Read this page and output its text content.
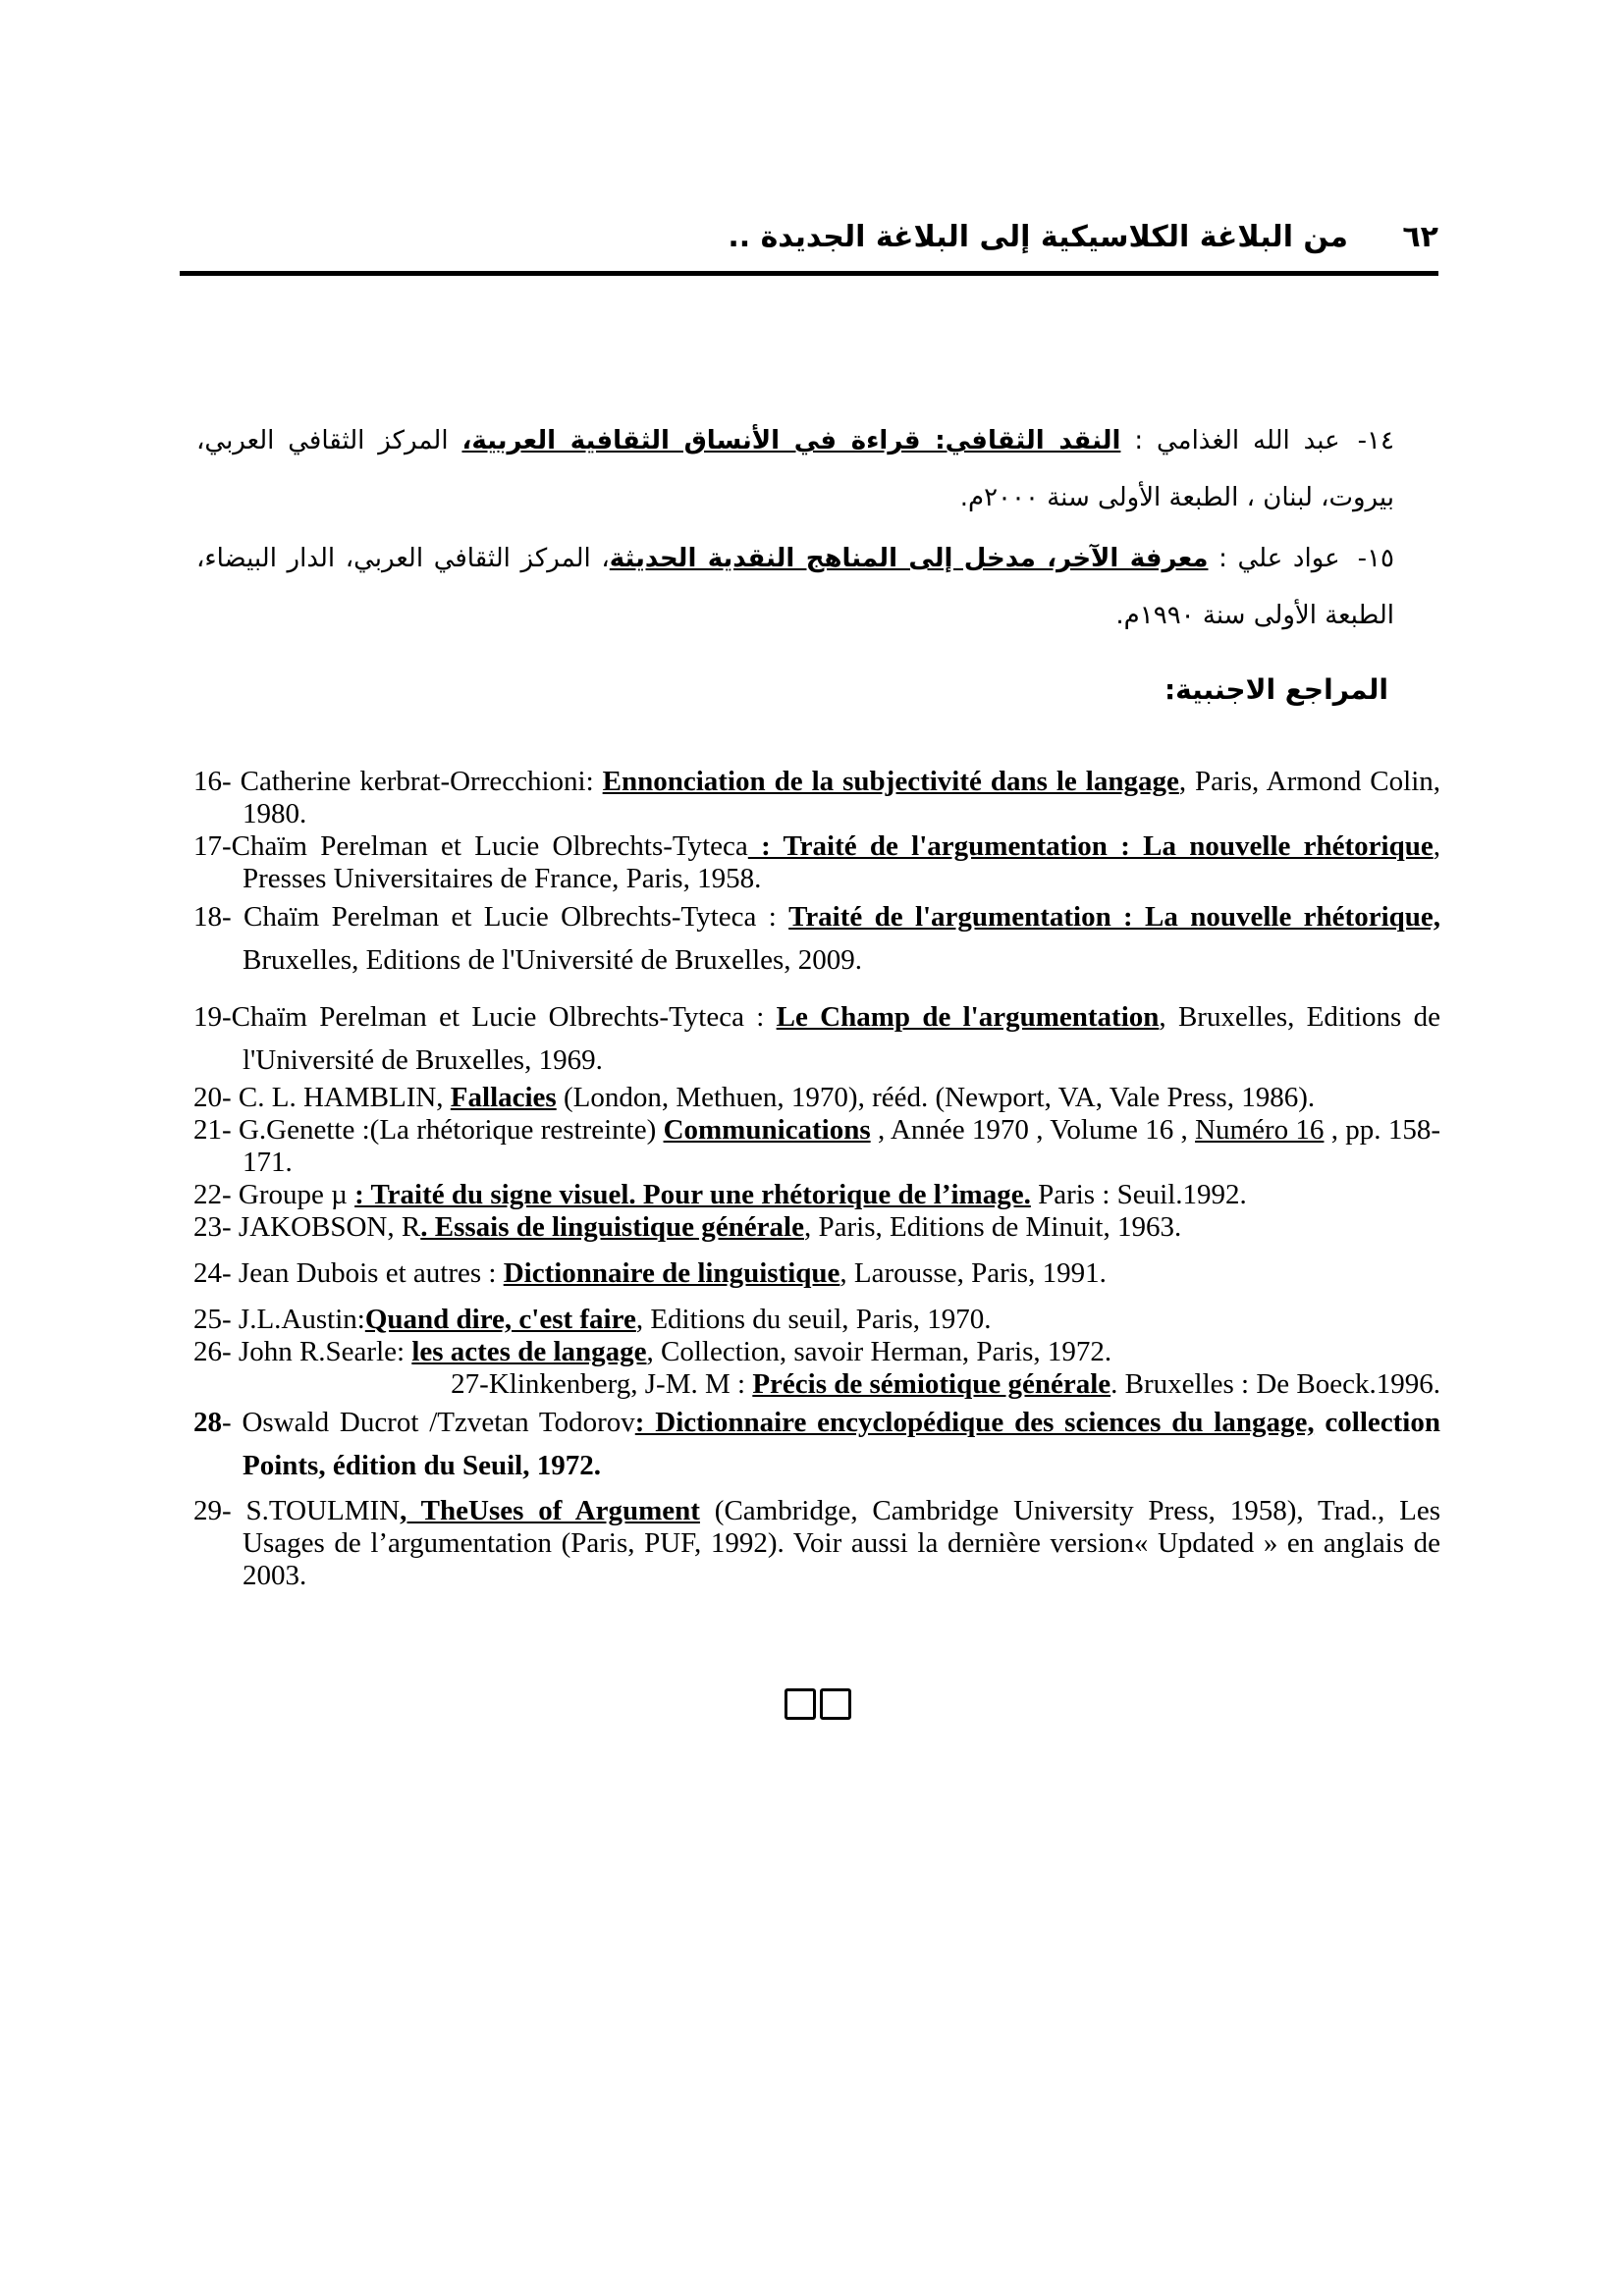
٦٢
من البلاغة الكلاسيكية إلى البلاغة الجديدة ..

١٤-عبد الله الغذامي : النقد الثقافي: قراءة في الأنساق الثقافية العربية، المركز الثقافي العربي، بيروت، لبنان ، الطبعة الأولى سنة ٢٠٠٠م.

١٥-عواد علي : معرفة الآخر، مدخل إلى المناهج النقدية الحديثة، المركز الثقافي العربي، الدار البيضاء، الطبعة الأولى سنة ١٩٩٠م.

المراجع الاجنبية:
16- Catherine kerbrat-Orrecchioni: Ennonciation de la subjectivité dans le langage, Paris, Armond Colin, 1980.
17-Chaïm Perelman et Lucie Olbrechts-Tyteca : Traité de l'argumentation : La nouvelle rhétorique, Presses Universitaires de France, Paris, 1958.
18- Chaïm Perelman et Lucie Olbrechts-Tyteca : Traité de l'argumentation : La nouvelle rhétorique, Bruxelles, Editions de l'Université de Bruxelles, 2009.
19-Chaïm Perelman et Lucie Olbrechts-Tyteca : Le Champ de l'argumentation, Bruxelles, Editions de l'Université de Bruxelles, 1969.
20- C. L. HAMBLIN, Fallacies (London, Methuen, 1970), rééd. (Newport, VA, Vale Press, 1986).
21- G.Genette :(La rhétorique restreinte) Communications , Année 1970 , Volume 16 , Numéro 16 , pp. 158-171.
22- Groupe µ : Traité du signe visuel. Pour une rhétorique de l’image. Paris : Seuil.1992.
23- JAKOBSON, R. Essais de linguistique générale, Paris, Editions de Minuit, 1963.
24- Jean Dubois et autres : Dictionnaire de linguistique, Larousse, Paris, 1991.
25- J.L.Austin:Quand dire, c'est faire, Editions du seuil, Paris, 1970.
26- John R.Searle: les actes de langage, Collection, savoir Herman, Paris, 1972.
27-Klinkenberg, J-M. M : Précis de sémiotique générale. Bruxelles : De Boeck.1996.
28- Oswald Ducrot /Tzvetan Todorov: Dictionnaire encyclopédique des sciences du langage, collection Points, édition du Seuil, 1972.
29- S.TOULMIN, TheUses of Argument (Cambridge, Cambridge University Press, 1958), Trad., Les Usages de l’argumentation (Paris, PUF, 1992). Voir aussi la dernière version« Updated » en anglais de 2003.
